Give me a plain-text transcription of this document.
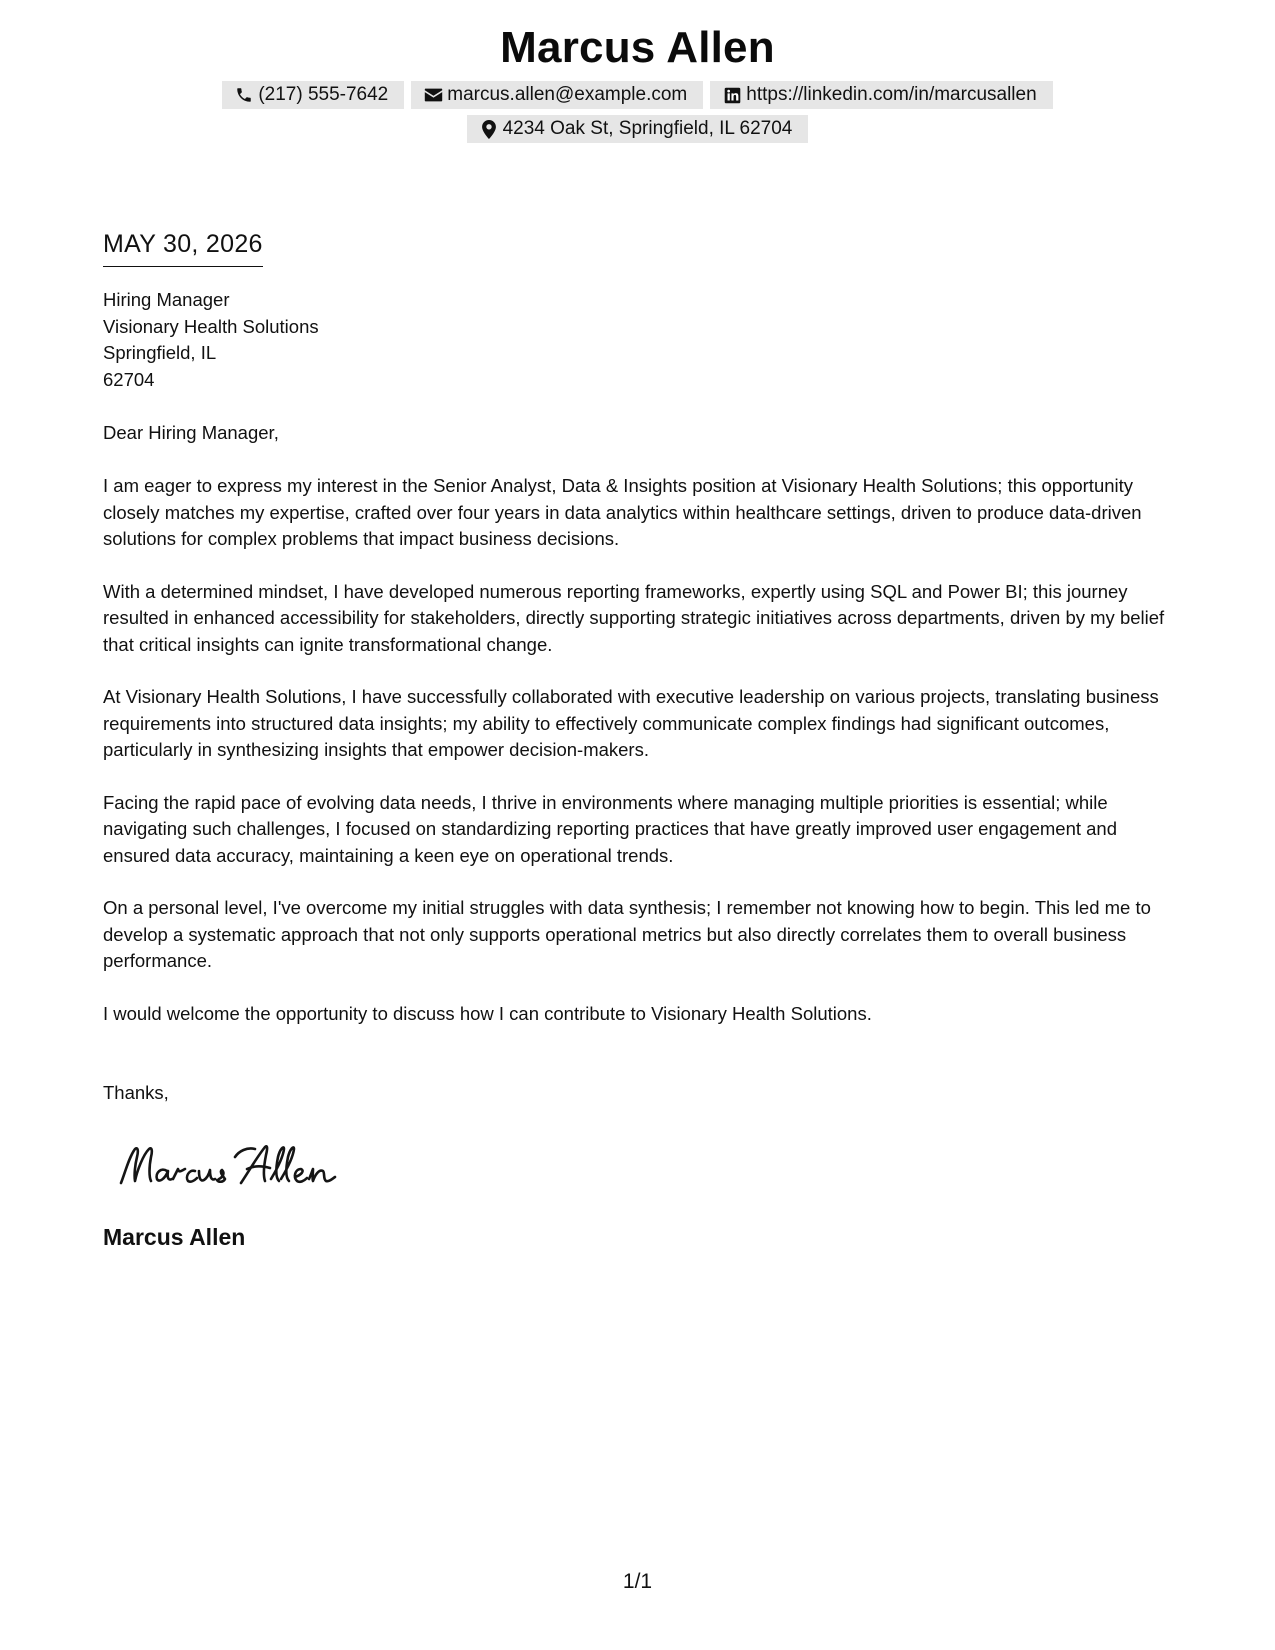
Marcus Allen
(217) 555-7642	marcus.allen@example.com	https://linkedin.com/in/marcusallen
4234 Oak St, Springfield, IL 62704
MAY 30, 2026
Hiring Manager
Visionary Health Solutions
Springfield, IL
62704
Dear Hiring Manager,

I am eager to express my interest in the Senior Analyst, Data & Insights position at Visionary Health Solutions; this opportunity closely matches my expertise, crafted over four years in data analytics within healthcare settings, driven to produce data-driven solutions for complex problems that impact business decisions.

With a determined mindset, I have developed numerous reporting frameworks, expertly using SQL and Power BI; this journey resulted in enhanced accessibility for stakeholders, directly supporting strategic initiatives across departments, driven by my belief that critical insights can ignite transformational change.

At Visionary Health Solutions, I have successfully collaborated with executive leadership on various projects, translating business requirements into structured data insights; my ability to effectively communicate complex findings had significant outcomes, particularly in synthesizing insights that empower decision-makers.

Facing the rapid pace of evolving data needs, I thrive in environments where managing multiple priorities is essential; while navigating such challenges, I focused on standardizing reporting practices that have greatly improved user engagement and ensured data accuracy, maintaining a keen eye on operational trends.

On a personal level, I've overcome my initial struggles with data synthesis; I remember not knowing how to begin. This led me to develop a systematic approach that not only supports operational metrics but also directly correlates them to overall business performance.

I would welcome the opportunity to discuss how I can contribute to Visionary Health Solutions.

Thanks,
Marcus Allen
1/1
